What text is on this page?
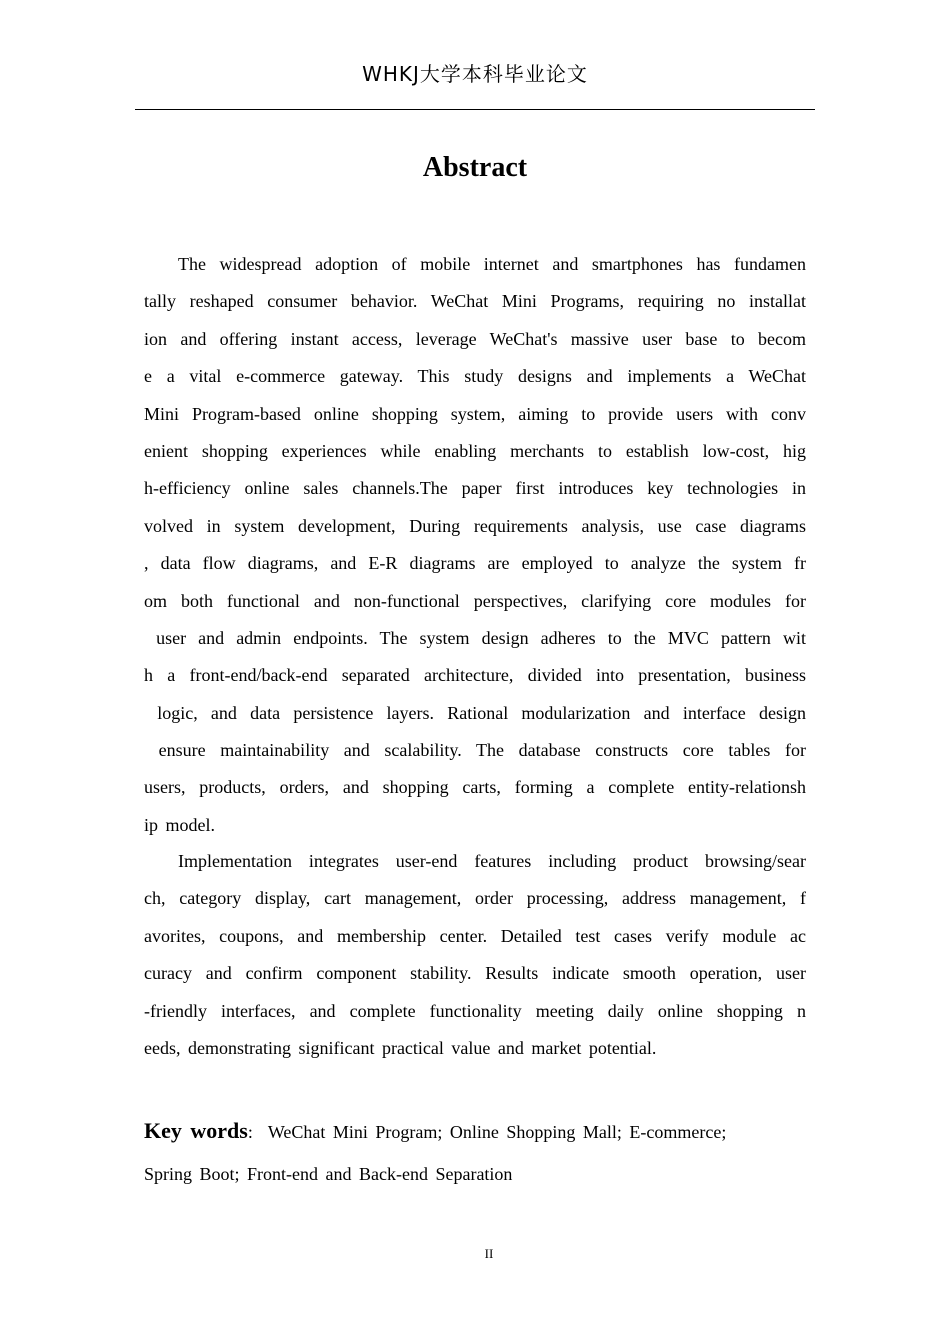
WHKJ大学本科毕业论文
Abstract
The widespread adoption of mobile internet and smartphones has fundamen
tally reshaped consumer behavior. WeChat Mini Programs, requiring no installat
ion and offering instant access, leverage WeChat's massive user base to becom
e a vital e-commerce gateway. This study designs and implements a WeChat
Mini Program-based online shopping system, aiming to provide users with conv
enient shopping experiences while enabling merchants to establish low-cost, hig
h-efficiency online sales channels.The paper first introduces key technologies in
volved in system development, During requirements analysis, use case diagrams
, data flow diagrams, and E-R diagrams are employed to analyze the system fr
om both functional and non-functional perspectives, clarifying core modules for
user and admin endpoints. The system design adheres to the MVC pattern wit
h a front-end/back-end separated architecture, divided into presentation, business
logic, and data persistence layers. Rational modularization and interface design
ensure maintainability and scalability. The database constructs core tables for
users, products, orders, and shopping carts, forming a complete entity-relationsh
ip model.
Implementation integrates user-end features including product browsing/sear
ch, category display, cart management, order processing, address management, f
avorites, coupons, and membership center. Detailed test cases verify module ac
curacy and confirm component stability. Results indicate smooth operation, user
-friendly interfaces, and complete functionality meeting daily online shopping n
eeds, demonstrating significant practical value and market potential.
Key words: WeChat Mini Program; Online Shopping Mall; E-commerce;
Spring Boot; Front-end and Back-end Separation
II
